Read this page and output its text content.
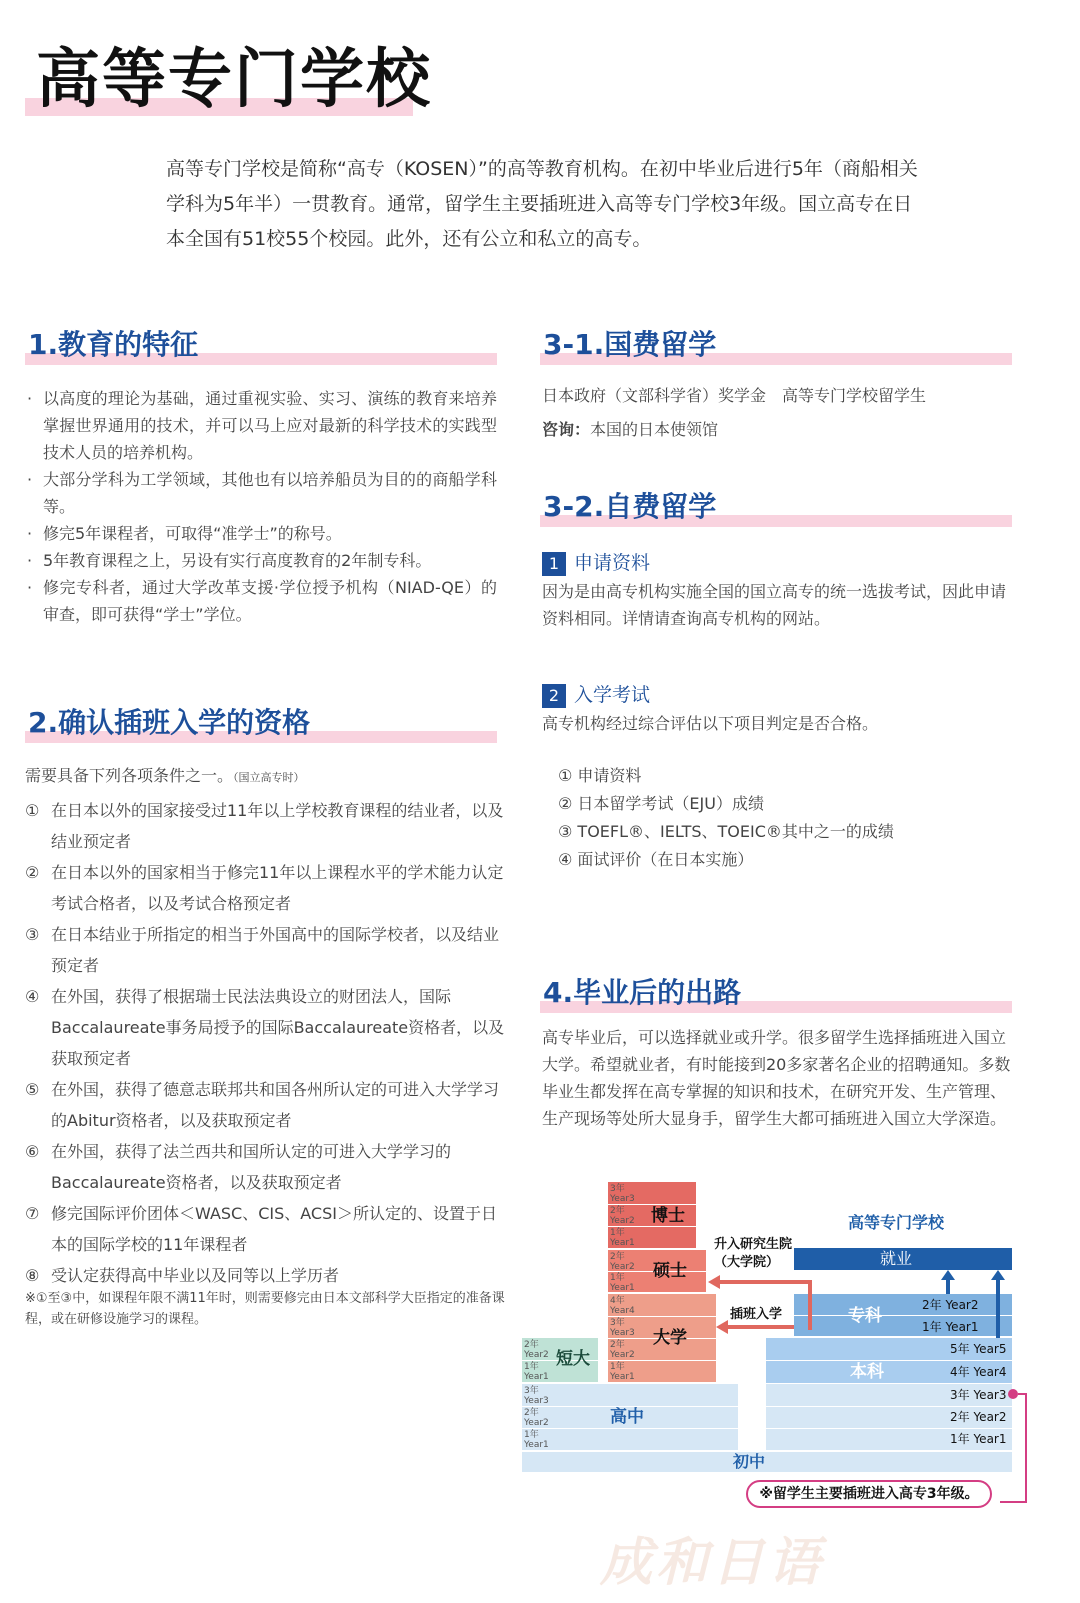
高等专门学校
高等专门学校是简称“高专（KOSEN）”的高等教育机构。在初中毕业后进行5年（商船相关学科为5年半）一贯教育。通常，留学生主要插班进入高等专门学校3年级。国立高专在日本全国有51校55个校园。此外，还有公立和私立的高专。
1.教育的特征
· 以高度的理论为基础，通过重视实验、实习、演练的教育来培养掌握世界通用的技术，并可以马上应对最新的科学技术的实践型技术人员的培养机构。
· 大部分学科为工学领域，其他也有以培养船员为目的的商船学科等。
· 修完5年课程者，可取得“准学士”的称号。
· 5年教育课程之上，另设有实行高度教育的2年制专科。
· 修完专科者，通过大学改革支援·学位授予机构（NIAD-QE）的审查，即可获得“学士”学位。
2.确认插班入学的资格
需要具备下列各项条件之一。（国立高专时）
① 在日本以外的国家接受过11年以上学校教育课程的结业者，以及结业预定者
② 在日本以外的国家相当于修完11年以上课程水平的学术能力认定考试合格者，以及考试合格预定者
③ 在日本结业于所指定的相当于外国高中的国际学校者，以及结业预定者
④ 在外国，获得了根据瑞士民法法典设立的财团法人，国际Baccalaureate事务局授予的国际Baccalaureate资格者，以及获取预定者
⑤ 在外国，获得了德意志联邦共和国各州所认定的可进入大学学习的Abitur资格者，以及获取预定者
⑥ 在外国，获得了法兰西共和国所认定的可进入大学学习的Baccalaureate资格者，以及获取预定者
⑦ 修完国际评价团体＜WASC、CIS、ACSI＞所认定的、设置于日本的国际学校的11年课程者
⑧ 受认定获得高中毕业以及同等以上学历者
※①至③中，如课程年限不满11年时，则需要修完由日本文部科学大臣指定的准备课程，或在研修设施学习的课程。
3-1.国费留学
日本政府（文部科学省）奖学金　高等专门学校留学生
咨询：本国的日本使领馆
3-2.自费留学
1 申请资料
因为是由高专机构实施全国的国立高专的统一选拔考试，因此申请资料相同。详情请查询高专机构的网站。
2 入学考试
高专机构经过综合评估以下项目判定是否合格。
① 申请资料
② 日本留学考试（EJU）成绩
③ TOEFL®、IELTS、TOEIC®其中之一的成绩
④ 面试评价（在日本实施）
4.毕业后的出路
高专毕业后，可以选择就业或升学。很多留学生选择插班进入国立大学。希望就业者，有时能接到20多家著名企业的招聘通知。多数毕业生都发挥在高专掌握的知识和技术，在研究开发、生产管理、生产现场等处所大显身手，留学生大都可插班进入国立大学深造。
初中
高中
3年
Year3
2年
Year2
1年
Year1
短大
2年
Year2
1年
Year1
大学
4年
Year4
3年
Year3
2年
Year2
1年
Year1
硕士
2年
Year2
1年
Year1
博士
3年
Year3
2年
Year2
1年
Year1
本科
5年 Year5
4年 Year4
3年 Year3
2年 Year2
1年 Year1
专科
2年 Year2
1年 Year1
高等专门学校
就业
升入研究生院
（大学院）
插班入学
※留学生主要插班进入高专3年级。
成和日语
